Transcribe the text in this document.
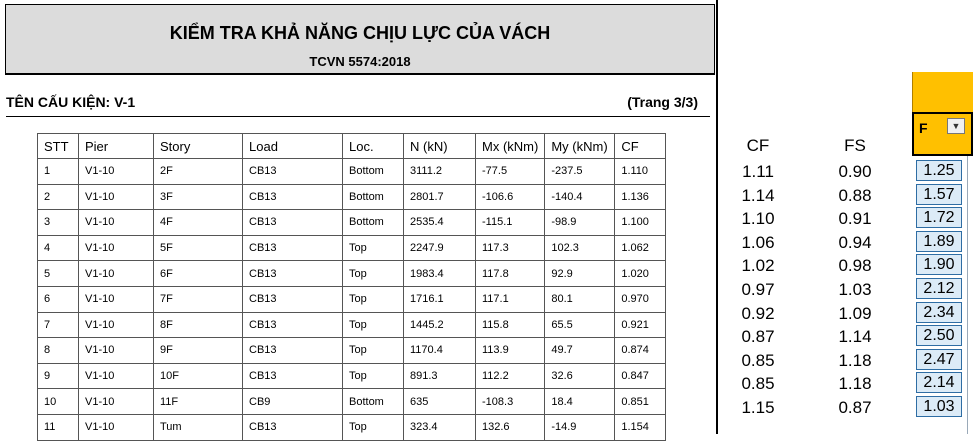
KIỂM TRA KHẢ NĂNG CHỊU LỰC CỦA VÁCH
TCVN 5574:2018
TÊN CẤU KIỆN: V-1	(Trang 3/3)
STT	Pier	Story	Load	Loc.	N (kN)	Mx (kNm)	My (kNm)	CF
1	V1-10	2F	CB13	Bottom	3111.2	-77.5	-237.5	1.110
2	V1-10	3F	CB13	Bottom	2801.7	-106.6	-140.4	1.136
3	V1-10	4F	CB13	Bottom	2535.4	-115.1	-98.9	1.100
4	V1-10	5F	CB13	Top	2247.9	117.3	102.3	1.062
5	V1-10	6F	CB13	Top	1983.4	117.8	92.9	1.020
6	V1-10	7F	CB13	Top	1716.1	117.1	80.1	0.970
7	V1-10	8F	CB13	Top	1445.2	115.8	65.5	0.921
8	V1-10	9F	CB13	Top	1170.4	113.9	49.7	0.874
9	V1-10	10F	CB13	Top	891.3	112.2	32.6	0.847
10	V1-10	11F	CB9	Bottom	635	-108.3	18.4	0.851
11	V1-10	Tum	CB13	Top	323.4	132.6	-14.9	1.154
CF	FS
1.11	0.90
1.14	0.88
1.10	0.91
1.06	0.94
1.02	0.98
0.97	1.03
0.92	1.09
0.87	1.14
0.85	1.18
0.85	1.18
1.15	0.87
F	▼
1.25
1.57
1.72
1.89
1.90
2.12
2.34
2.50
2.47
2.14
1.03
